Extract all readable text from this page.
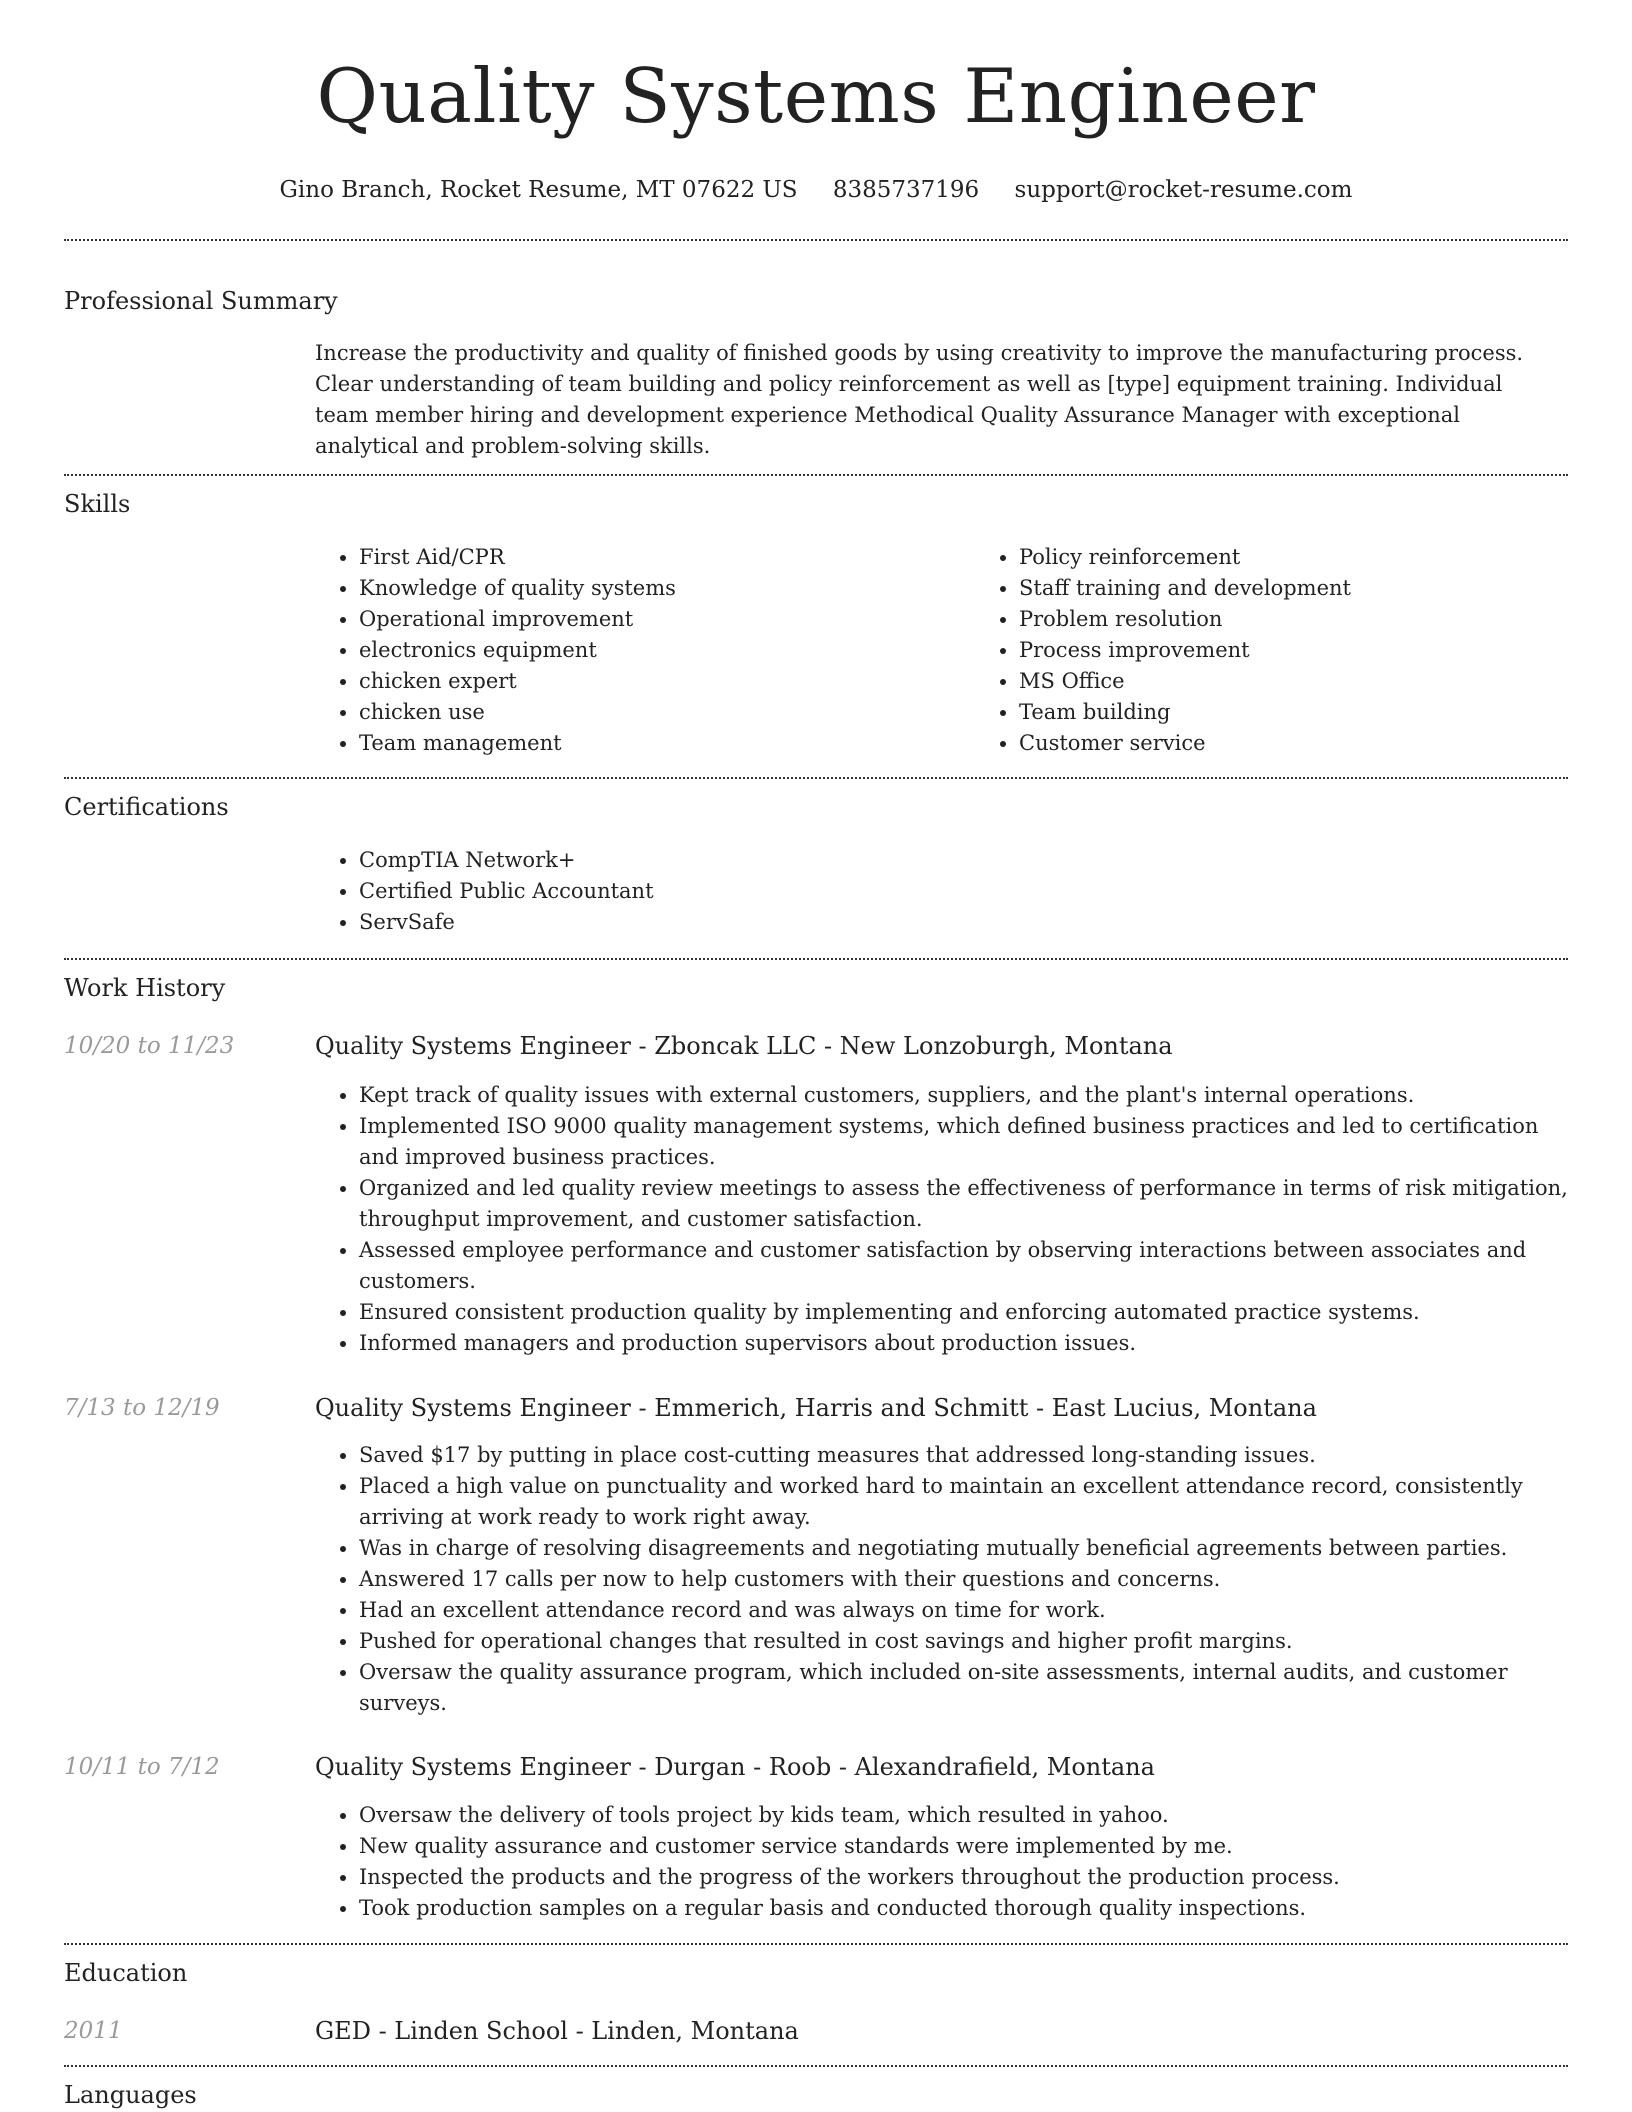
Quality Systems Engineer
Gino Branch, Rocket Resume, MT 07622 US 8385737196 support@rocket-resume.com
Professional Summary
Increase the productivity and quality of finished goods by using creativity to improve the manufacturing process. Clear understanding of team building and policy reinforcement as well as [type] equipment training. Individual team member hiring and development experience Methodical Quality Assurance Manager with exceptional analytical and problem-solving skills.
Skills
• First Aid/CPR
• Knowledge of quality systems
• Operational improvement
• electronics equipment
• chicken expert
• chicken use
• Team management
• Policy reinforcement
• Staff training and development
• Problem resolution
• Process improvement
• MS Office
• Team building
• Customer service
Certifications
• CompTIA Network+
• Certified Public Accountant
• ServSafe
Work History
10/20 to 11/23	Quality Systems Engineer - Zboncak LLC - New Lonzoburgh, Montana
• Kept track of quality issues with external customers, suppliers, and the plant's internal operations.
• Implemented ISO 9000 quality management systems, which defined business practices and led to certification and improved business practices.
• Organized and led quality review meetings to assess the effectiveness of performance in terms of risk mitigation, throughput improvement, and customer satisfaction.
• Assessed employee performance and customer satisfaction by observing interactions between associates and customers.
• Ensured consistent production quality by implementing and enforcing automated practice systems.
• Informed managers and production supervisors about production issues.
7/13 to 12/19	Quality Systems Engineer - Emmerich, Harris and Schmitt - East Lucius, Montana
• Saved $17 by putting in place cost-cutting measures that addressed long-standing issues.
• Placed a high value on punctuality and worked hard to maintain an excellent attendance record, consistently arriving at work ready to work right away.
• Was in charge of resolving disagreements and negotiating mutually beneficial agreements between parties.
• Answered 17 calls per now to help customers with their questions and concerns.
• Had an excellent attendance record and was always on time for work.
• Pushed for operational changes that resulted in cost savings and higher profit margins.
• Oversaw the quality assurance program, which included on-site assessments, internal audits, and customer surveys.
10/11 to 7/12	Quality Systems Engineer - Durgan - Roob - Alexandrafield, Montana
• Oversaw the delivery of tools project by kids team, which resulted in yahoo.
• New quality assurance and customer service standards were implemented by me.
• Inspected the products and the progress of the workers throughout the production process.
• Took production samples on a regular basis and conducted thorough quality inspections.
Education
2011	GED - Linden School - Linden, Montana
Languages
